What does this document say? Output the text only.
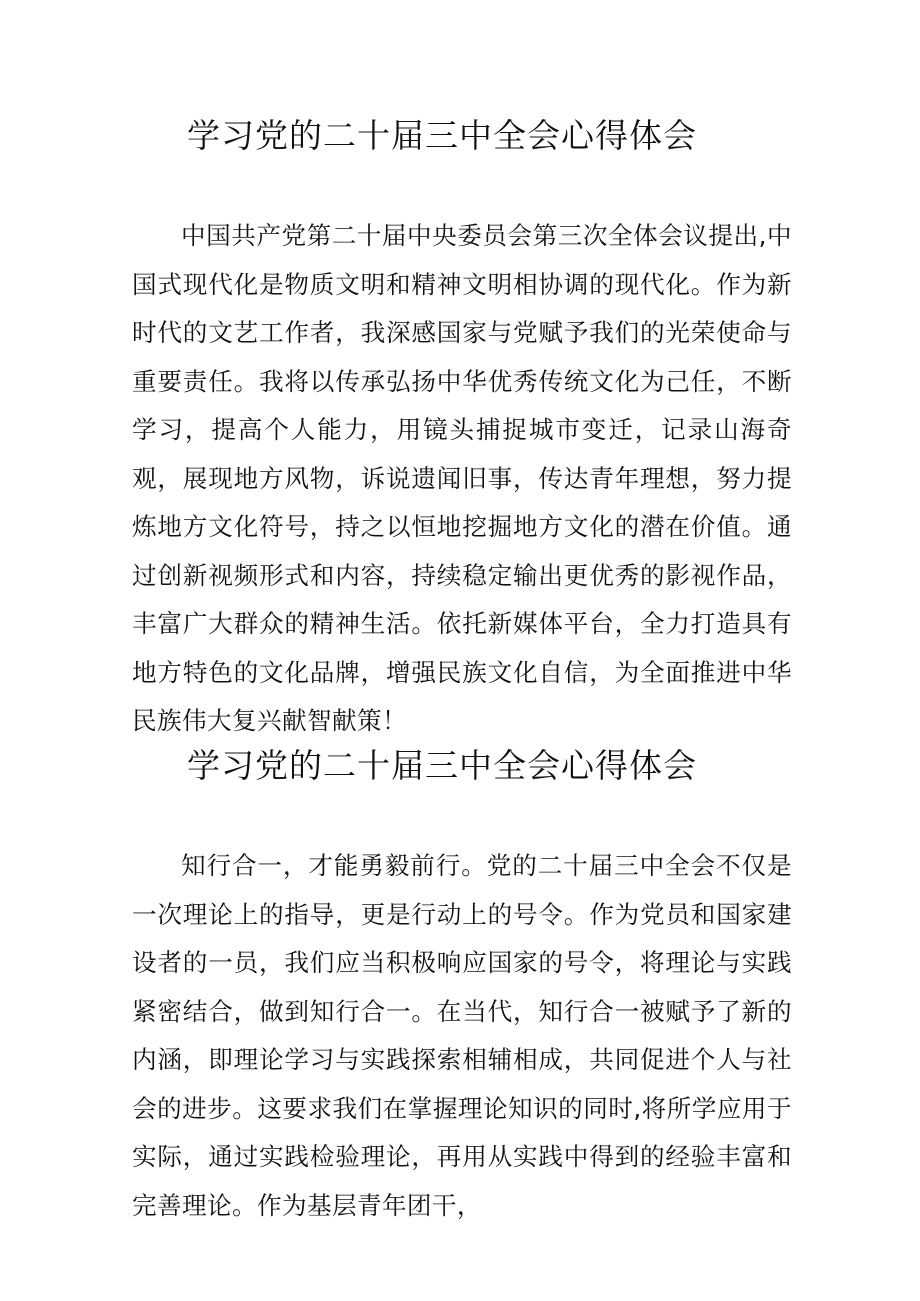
学习党的二十届三中全会心得体会

中国共产党第二十届中央委员会第三次全体会议提出,中国式现代化是物质文明和精神文明相协调的现代化。作为新时代的文艺工作者，我深感国家与党赋予我们的光荣使命与重要责任。我将以传承弘扬中华优秀传统文化为己任，不断学习，提高个人能力，用镜头捕捉城市变迁，记录山海奇观，展现地方风物，诉说遗闻旧事，传达青年理想，努力提炼地方文化符号，持之以恒地挖掘地方文化的潜在价值。通过创新视频形式和内容，持续稳定输出更优秀的影视作品，丰富广大群众的精神生活。依托新媒体平台，全力打造具有地方特色的文化品牌，增强民族文化自信，为全面推进中华民族伟大复兴献智献策！

学习党的二十届三中全会心得体会

知行合一，才能勇毅前行。党的二十届三中全会不仅是一次理论上的指导，更是行动上的号令。作为党员和国家建设者的一员，我们应当积极响应国家的号令，将理论与实践紧密结合，做到知行合一。在当代，知行合一被赋予了新的内涵，即理论学习与实践探索相辅相成，共同促进个人与社会的进步。这要求我们在掌握理论知识的同时,将所学应用于实际，通过实践检验理论，再用从实践中得到的经验丰富和完善理论。作为基层青年团干，
